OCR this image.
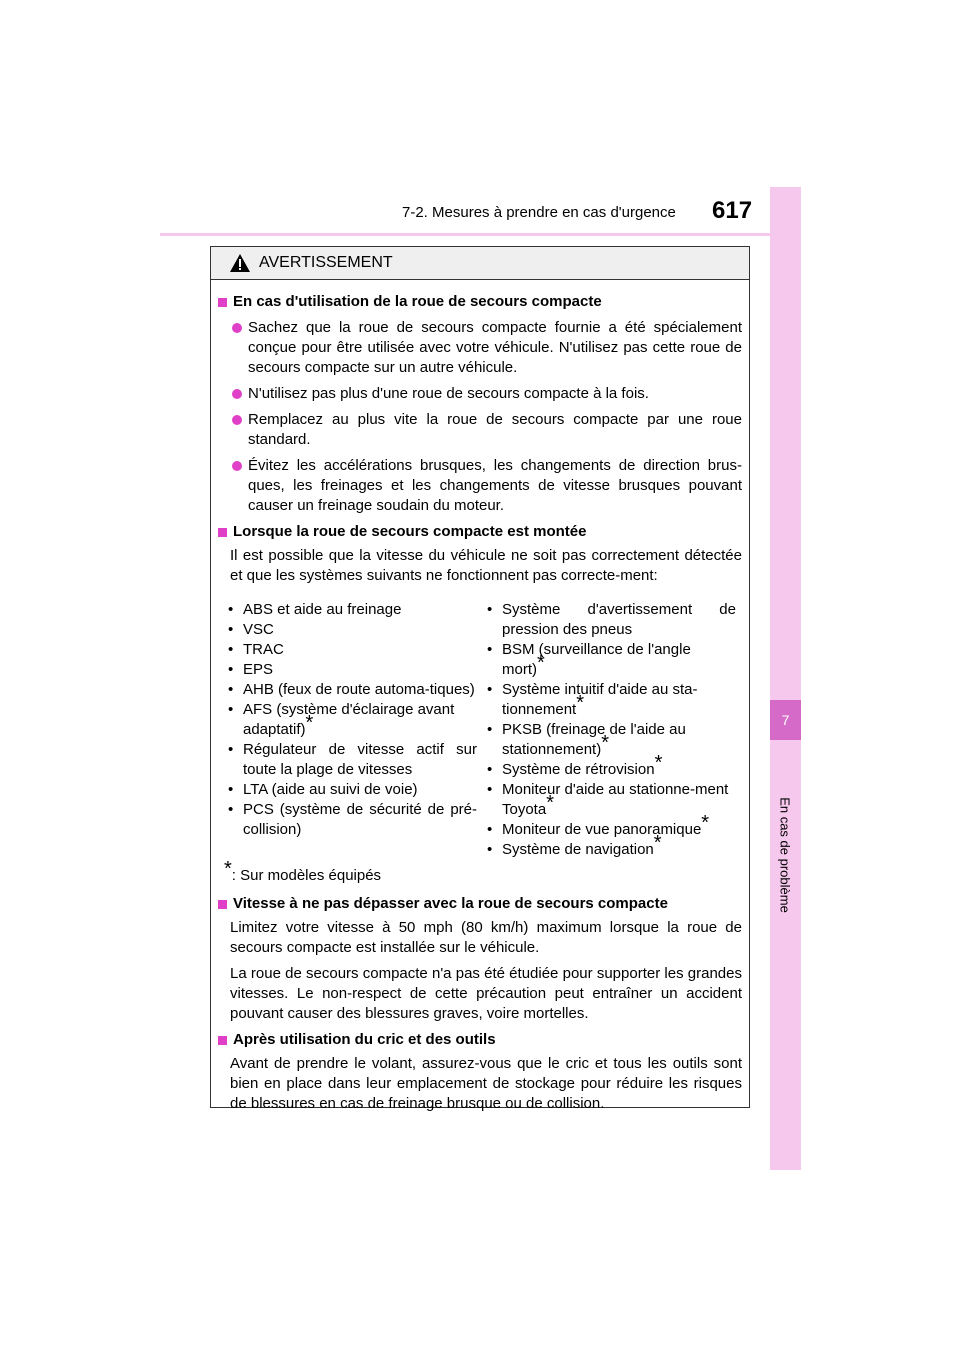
7
En cas de problème
7-2. Mesures à prendre en cas d'urgence 617
AVERTISSEMENT
En cas d'utilisation de la roue de secours compacte
Sachez que la roue de secours compacte fournie a été spécialement conçue pour être utilisée avec votre véhicule. N'utilisez pas cette roue de secours compacte sur un autre véhicule.
N'utilisez pas plus d'une roue de secours compacte à la fois.
Remplacez au plus vite la roue de secours compacte par une roue standard.
Évitez les accélérations brusques, les changements de direction brus-ques, les freinages et les changements de vitesse brusques pouvant causer un freinage soudain du moteur.
Lorsque la roue de secours compacte est montée
Il est possible que la vitesse du véhicule ne soit pas correctement détectée et que les systèmes suivants ne fonctionnent pas correcte-ment:
• ABS et aide au freinage
• VSC
• TRAC
• EPS
• AHB (feux de route automa-tiques)
• AFS (système d'éclairage avant adaptatif)*
• Régulateur de vitesse actif sur toute la plage de vitesses
• LTA (aide au suivi de voie)
• PCS (système de sécurité de pré-collision)
• Système d'avertissement de pression des pneus
• BSM (surveillance de l'angle mort)*
• Système intuitif d'aide au sta-tionnement*
• PKSB (freinage de l'aide au stationnement)*
• Système de rétrovision*
• Moniteur d'aide au stationne-ment Toyota*
• Moniteur de vue panoramique*
• Système de navigation*
*: Sur modèles équipés
Vitesse à ne pas dépasser avec la roue de secours compacte
Limitez votre vitesse à 50 mph (80 km/h) maximum lorsque la roue de secours compacte est installée sur le véhicule.
La roue de secours compacte n'a pas été étudiée pour supporter les grandes vitesses. Le non-respect de cette précaution peut entraîner un accident pouvant causer des blessures graves, voire mortelles.
Après utilisation du cric et des outils
Avant de prendre le volant, assurez-vous que le cric et tous les outils sont bien en place dans leur emplacement de stockage pour réduire les risques de blessures en cas de freinage brusque ou de collision.
